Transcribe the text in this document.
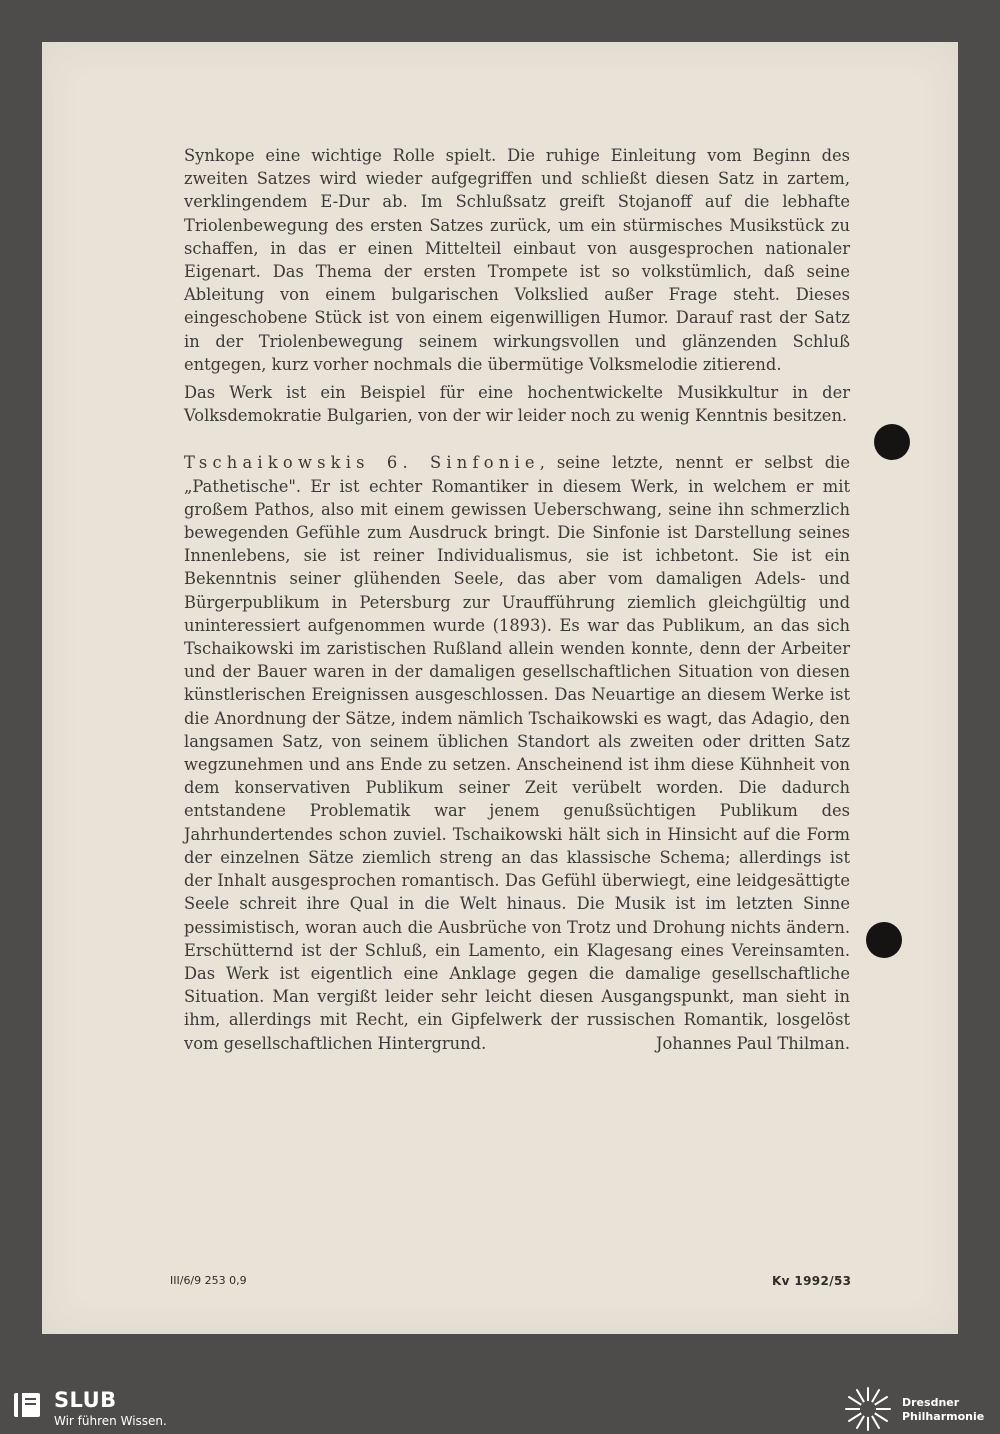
Synkope eine wichtige Rolle spielt. Die ruhige Einleitung vom Beginn des zweiten Satzes wird wieder aufgegriffen und schließt diesen Satz in zartem, verklingendem E-Dur ab. Im Schlußsatz greift Stojanoff auf die lebhafte Triolenbewegung des ersten Satzes zurück, um ein stürmisches Musikstück zu schaffen, in das er einen Mittelteil einbaut von ausgesprochen nationaler Eigenart. Das Thema der ersten Trompete ist so volkstümlich, daß seine Ableitung von einem bulgarischen Volkslied außer Frage steht. Dieses eingeschobene Stück ist von einem eigenwilligen Humor. Darauf rast der Satz in der Triolenbewegung seinem wirkungsvollen und glänzenden Schluß entgegen, kurz vorher nochmals die übermütige Volksmelodie zitierend.

Das Werk ist ein Beispiel für eine hochentwickelte Musikkultur in der Volksdemokratie Bulgarien, von der wir leider noch zu wenig Kenntnis besitzen.

Tschaikowskis 6. Sinfonie, seine letzte, nennt er selbst die „Pathetische". Er ist echter Romantiker in diesem Werk, in welchem er mit großem Pathos, also mit einem gewissen Ueberschwang, seine ihn schmerzlich bewegenden Gefühle zum Ausdruck bringt. Die Sinfonie ist Darstellung seines Innenlebens, sie ist reiner Individualismus, sie ist ichbetont. Sie ist ein Bekenntnis seiner glühenden Seele, das aber vom damaligen Adels- und Bürgerpublikum in Petersburg zur Uraufführung ziemlich gleichgültig und uninteressiert aufgenommen wurde (1893). Es war das Publikum, an das sich Tschaikowski im zaristischen Rußland allein wenden konnte, denn der Arbeiter und der Bauer waren in der damaligen gesellschaftlichen Situation von diesen künstlerischen Ereignissen ausgeschlossen. Das Neuartige an diesem Werke ist die Anordnung der Sätze, indem nämlich Tschaikowski es wagt, das Adagio, den langsamen Satz, von seinem üblichen Standort als zweiten oder dritten Satz wegzunehmen und ans Ende zu setzen. Anscheinend ist ihm diese Kühnheit von dem konservativen Publikum seiner Zeit verübelt worden. Die dadurch entstandene Problematik war jenem genußsüchtigen Publikum des Jahrhundertendes schon zuviel. Tschaikowski hält sich in Hinsicht auf die Form der einzelnen Sätze ziemlich streng an das klassische Schema; allerdings ist der Inhalt ausgesprochen romantisch. Das Gefühl überwiegt, eine leidgesättigte Seele schreit ihre Qual in die Welt hinaus. Die Musik ist im letzten Sinne pessimistisch, woran auch die Ausbrüche von Trotz und Drohung nichts ändern. Erschütternd ist der Schluß, ein Lamento, ein Klagesang eines Vereinsamten. Das Werk ist eigentlich eine Anklage gegen die damalige gesellschaftliche Situation. Man vergißt leider sehr leicht diesen Ausgangspunkt, man sieht in ihm, allerdings mit Recht, ein Gipfelwerk der russischen Romantik, losgelöst vom gesellschaftlichen Hintergrund.	Johannes Paul Thilman.

III/6/9 253 0,9	Kv 1992/53
SLUB
Wir führen Wissen.
Dresdner
Philharmonie
